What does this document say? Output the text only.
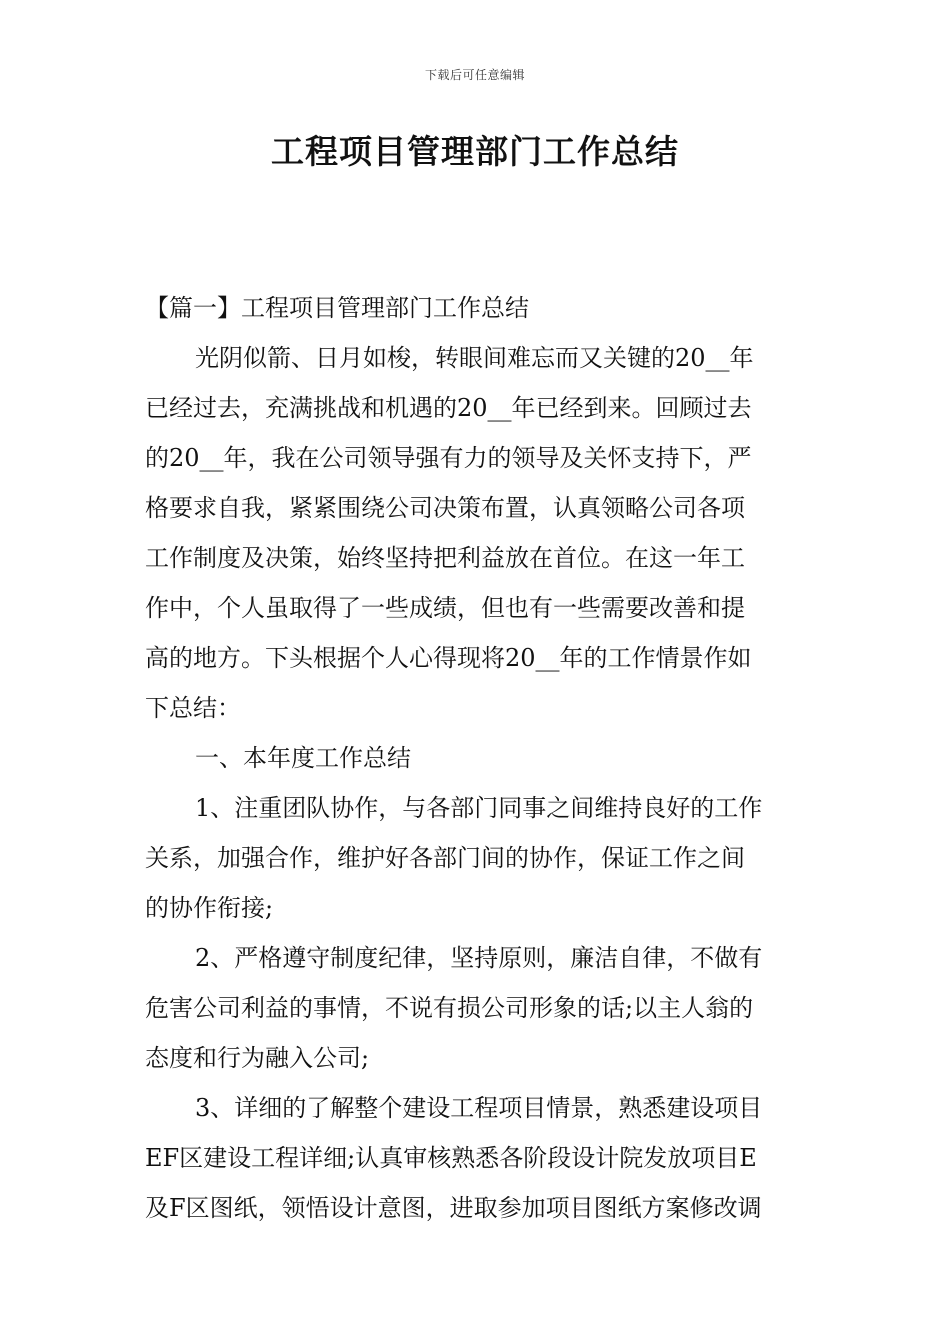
下载后可任意编辑
工程项目管理部门工作总结
【篇一】工程项目管理部门工作总结
光阴似箭、日月如梭，转眼间难忘而又关键的20__年
已经过去，充满挑战和机遇的20__年已经到来。回顾过去
的20__年，我在公司领导强有力的领导及关怀支持下，严
格要求自我，紧紧围绕公司决策布置，认真领略公司各项
工作制度及决策，始终坚持把利益放在首位。在这一年工
作中，个人虽取得了一些成绩，但也有一些需要改善和提
高的地方。下头根据个人心得现将20__年的工作情景作如
下总结：
一、本年度工作总结
1、注重团队协作，与各部门同事之间维持良好的工作
关系，加强合作，维护好各部门间的协作，保证工作之间
的协作衔接;
2、严格遵守制度纪律，坚持原则，廉洁自律，不做有
危害公司利益的事情，不说有损公司形象的话;以主人翁的
态度和行为融入公司;
3、详细的了解整个建设工程项目情景，熟悉建设项目
EF区建设工程详细;认真审核熟悉各阶段设计院发放项目E
及F区图纸，领悟设计意图，进取参加项目图纸方案修改调
